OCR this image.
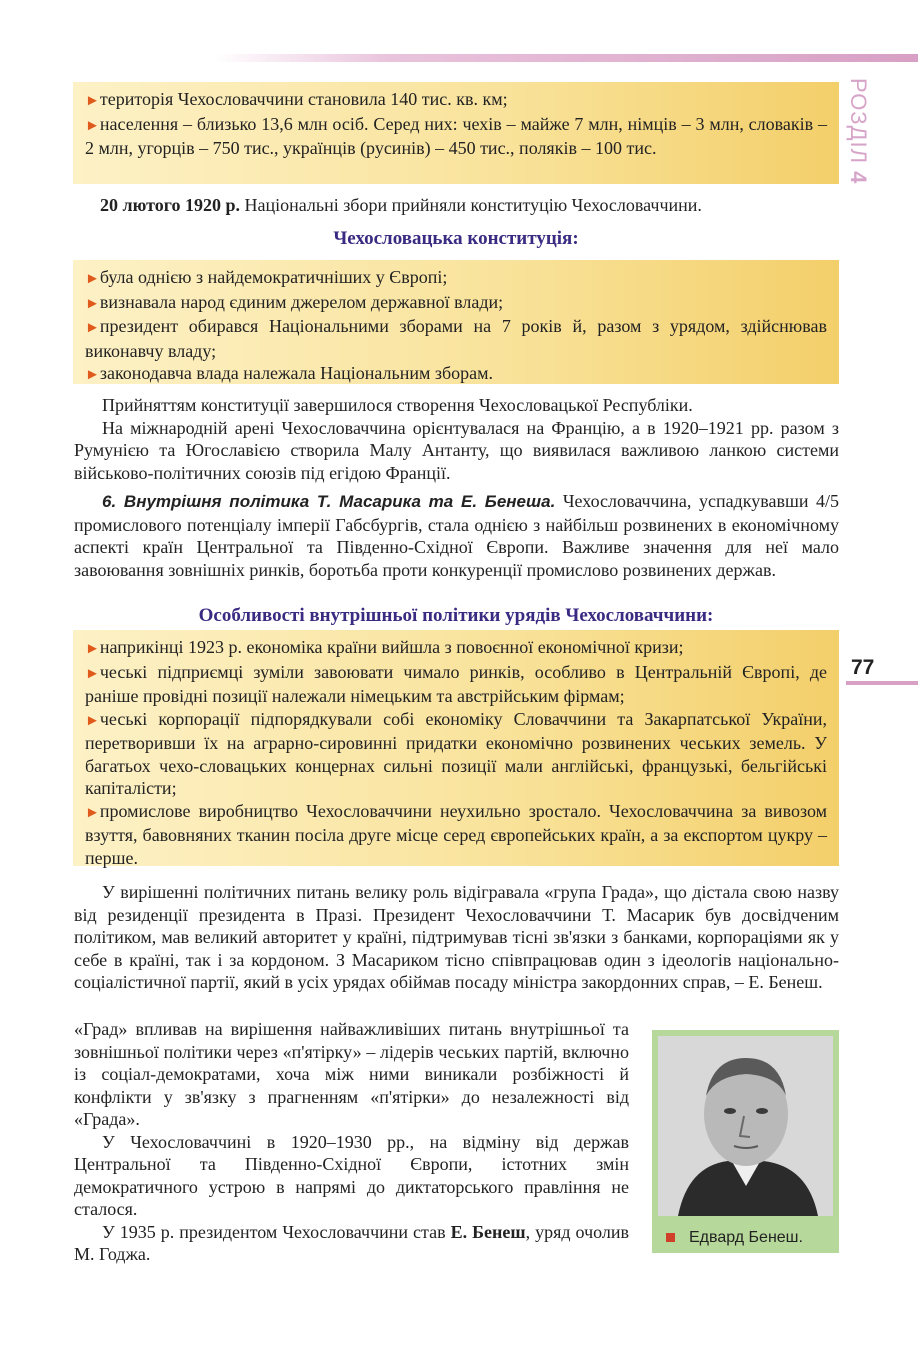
РОЗДІЛ 4
77

►територія Чехословаччини становила 140 тис. кв. км;

►населення – близько 13,6 млн осіб. Серед них: чехів – майже 7 млн, німців – 3 млн, словаків – 2 млн, угорців – 750 тис., українців (русинів) – 450 тис., поляків – 100 тис.

20 лютого 1920 р. Національні збори прийняли конституцію Чехословаччини.

Чехословацька конституція:

►була однією з найдемократичніших у Європі;

►визнавала народ єдиним джерелом державної влади;

►президент обирався Національними зборами на 7 років й, разом з урядом, здійснював виконавчу владу;

►законодавча влада належала Національним зборам.

Прийняттям конституції завершилося створення Чехословацької Республіки.

На міжнародній арені Чехословаччина орієнтувалася на Францію, а в 1920–1921 рр. разом з Румунією та Югославією створила Малу Антанту, що виявилася важливою ланкою системи військово-політичних союзів під егідою Франції.

6. Внутрішня політика Т. Масарика та Е. Бенеша. Чехословаччина, успадкувавши 4/5 промислового потенціалу імперії Габсбургів, стала однією з найбільш розвинених в економічному аспекті країн Центральної та Південно-Східної Європи. Важливе значення для неї мало завоювання зовнішніх ринків, боротьба проти конкуренції промислово розвинених держав.

Особливості внутрішньої політики урядів Чехословаччини:

►наприкінці 1923 р. економіка країни вийшла з повоєнної економічної кризи;

►чеські підприємці зуміли завоювати чимало ринків, особливо в Центральній Європі, де раніше провідні позиції належали німецьким та австрійським фірмам;

►чеські корпорації підпорядкували собі економіку Словаччини та Закарпатської України, перетворивши їх на аграрно-сировинні придатки економічно розвинених чеських земель. У багатьох чехо-словацьких концернах сильні позиції мали англійські, французькі, бельгійські капіталісти;

►промислове виробництво Чехословаччини неухильно зростало. Чехословаччина за вивозом взуття, бавовняних тканин посіла друге місце серед європейських країн, а за експортом цукру – перше.

У вирішенні політичних питань велику роль відігравала «група Града», що дістала свою назву від резиденції президента в Празі. Президент Чехословаччини Т. Масарик був досвідченим політиком, мав великий авторитет у країні, підтримував тісні зв'язки з банками, корпораціями як у себе в країні, так і за кордоном. З Масариком тісно співпрацював один з ідеологів національно-соціалістичної партії, який в усіх урядах обіймав посаду міністра закордонних справ, – Е. Бенеш.

«Град» впливав на вирішення найважливіших питань внутрішньої та зовнішньої політики через «п'ятірку» – лідерів чеських партій, включно із соціал-демократами, хоча між ними виникали розбіжності й конфлікти у зв'язку з прагненням «п'ятірки» до незалежності від «Града».

У Чехословаччині в 1920–1930 рр., на відміну від держав Центральної та Південно-Східної Європи, істотних змін демократичного устрою в напрямі до диктаторського правління не сталося.

У 1935 р. президентом Чехословаччини став Е. Бенеш, уряд очолив М. Годжа.

Едвард Бенеш.
